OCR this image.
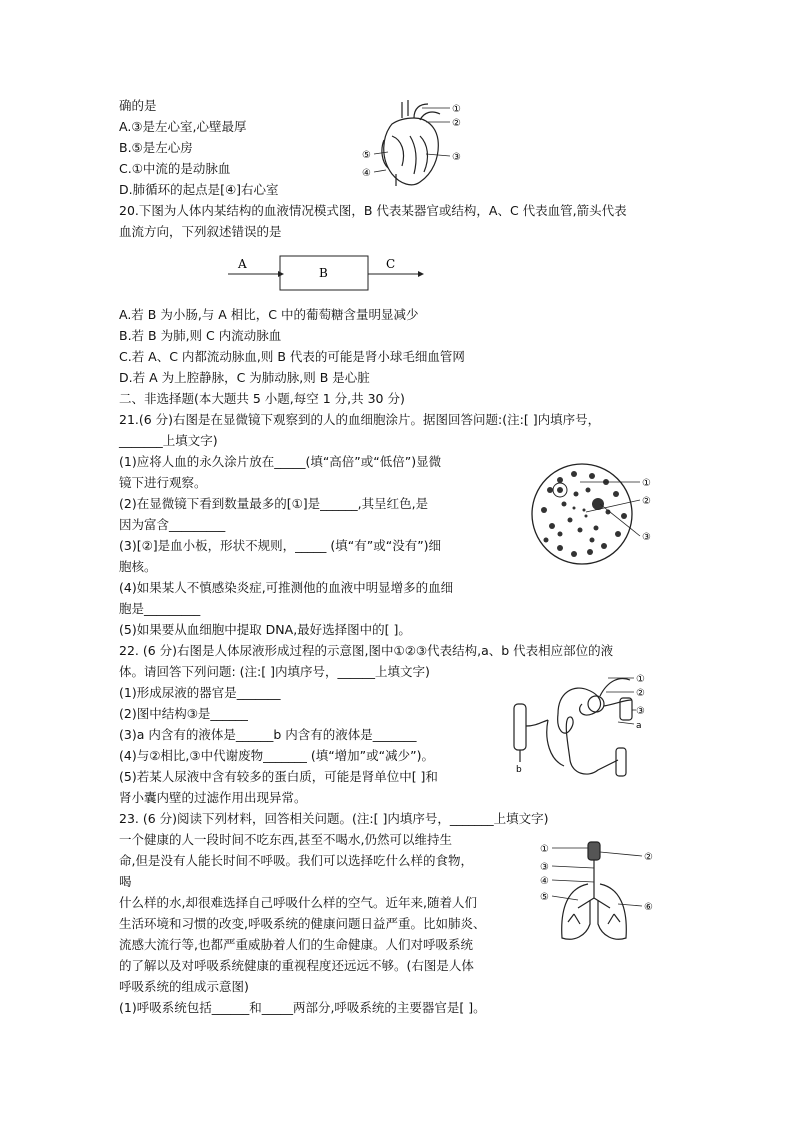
确的是
A.③是左心室,心壁最厚
B.⑤是左心房
C.①中流的是动脉血
D.肺循环的起点是[④]右心室
①
②
③
④
⑤
20.下图为人体内某结构的血液情况模式图，B 代表某器官或结构，A、C 代表血管,箭头代表
血流方向，下列叙述错误的是
A
B
C
A.若 B 为小肠,与 A 相比，C 中的葡萄糖含量明显减少
B.若 B 为肺,则 C 内流动脉血
C.若 A、C 内都流动脉血,则 B 代表的可能是肾小球毛细血管网
D.若 A 为上腔静脉，C 为肺动脉,则 B 是心脏
二、非选择题(本大题共 5 小题,每空 1 分,共 30 分)
21.(6 分)右图是在显微镜下观察到的人的血细胞涂片。据图回答问题:(注:[ ]内填序号，
_______上填文字)
(1)应将人血的永久涂片放在_____(填“高倍”或“低倍”)显微
镜下进行观察。
(2)在显微镜下看到数量最多的[①]是______,其呈红色,是
因为富含_________
(3)[②]是血小板，形状不规则，_____ (填“有”或“没有”)细
胞核。
(4)如果某人不慎感染炎症,可推测他的血液中明显增多的血细
胞是_________
(5)如果要从血细胞中提取 DNA,最好选择图中的[ ]。
①
②
③
22. (6 分)右图是人体尿液形成过程的示意图,图中①②③代表结构,a、b 代表相应部位的液
体。请回答下列问题: (注:[ ]内填序号，______上填文字)
(1)形成尿液的器官是_______
(2)图中结构③是______
(3)a 内含有的液体是______b 内含有的液体是_______
(4)与②相比,③中代谢废物_______ (填“增加”或“减少”)。
(5)若某人尿液中含有较多的蛋白质，可能是肾单位中[ ]和
肾小囊内壁的过滤作用出现异常。
①
②
③
a
b
23. (6 分)阅读下列材料，回答相关问题。(注:[ ]内填序号，_______上填文字)
一个健康的人一段时间不吃东西,甚至不喝水,仍然可以维持生
命,但是没有人能长时间不呼吸。我们可以选择吃什么样的食物，
喝
什么样的水,却很难选择自己呼吸什么样的空气。近年来,随着人们
生活环境和习惯的改变,呼吸系统的健康问题日益严重。比如肺炎、
流感大流行等,也都严重威胁着人们的生命健康。人们对呼吸系统
的了解以及对呼吸系统健康的重视程度还远远不够。(右图是人体
呼吸系统的组成示意图)
(1)呼吸系统包括______和_____两部分,呼吸系统的主要器官是[ ]。
①
②
③
④
⑤
⑥
